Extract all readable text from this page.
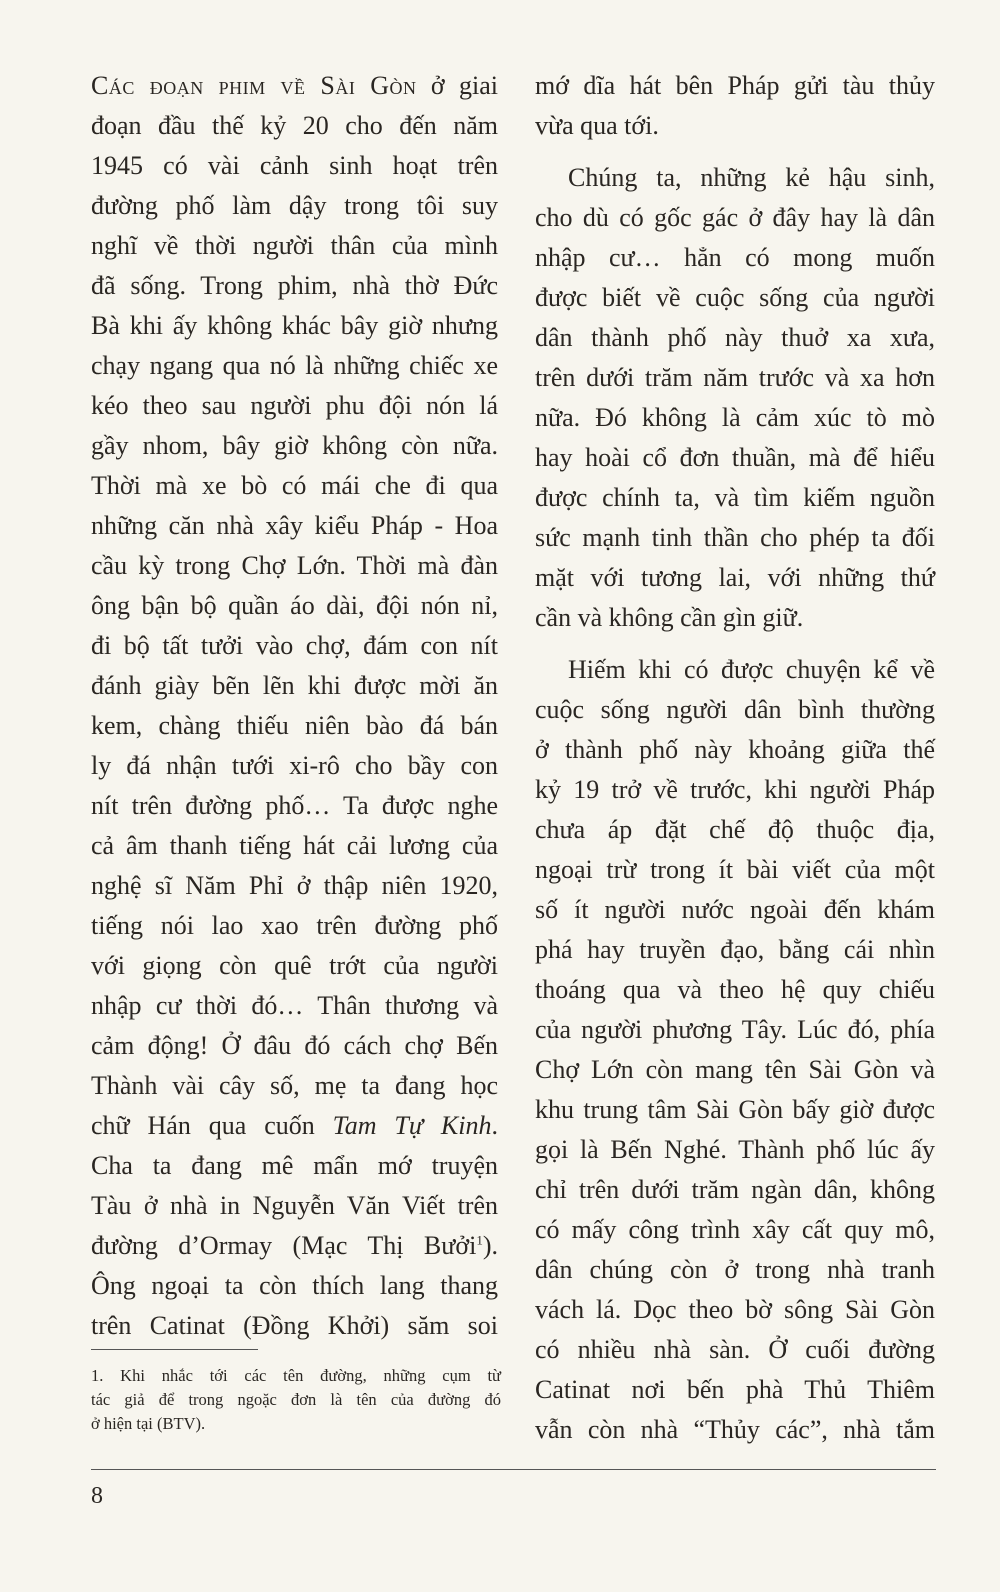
Các đoạn phim về Sài Gòn ở giai
đoạn đầu thế kỷ 20 cho đến năm
1945 có vài cảnh sinh hoạt trên
đường phố làm dậy trong tôi suy
nghĩ về thời người thân của mình
đã sống. Trong phim, nhà thờ Đức
Bà khi ấy không khác bây giờ nhưng
chạy ngang qua nó là những chiếc xe
kéo theo sau người phu đội nón lá
gầy nhom, bây giờ không còn nữa.
Thời mà xe bò có mái che đi qua
những căn nhà xây kiểu Pháp - Hoa
cầu kỳ trong Chợ Lớn. Thời mà đàn
ông bận bộ quần áo dài, đội nón nỉ,
đi bộ tất tưởi vào chợ, đám con nít
đánh giày bẽn lẽn khi được mời ăn
kem, chàng thiếu niên bào đá bán
ly đá nhận tưới xi-rô cho bầy con
nít trên đường phố… Ta được nghe
cả âm thanh tiếng hát cải lương của
nghệ sĩ Năm Phỉ ở thập niên 1920,
tiếng nói lao xao trên đường phố
với giọng còn quê trớt của người
nhập cư thời đó… Thân thương và
cảm động! Ở đâu đó cách chợ Bến
Thành vài cây số, mẹ ta đang học
chữ Hán qua cuốn Tam Tự Kinh.
Cha ta đang mê mẩn mớ truyện
Tàu ở nhà in Nguyễn Văn Viết trên
đường d’Ormay (Mạc Thị Bưởi$^1$).
Ông ngoại ta còn thích lang thang
trên Catinat (Đồng Khởi) săm soi
mớ dĩa hát bên Pháp gửi tàu thủy
vừa qua tới.
Chúng ta, những kẻ hậu sinh,
cho dù có gốc gác ở đây hay là dân
nhập cư… hẳn có mong muốn
được biết về cuộc sống của người
dân thành phố này thuở xa xưa,
trên dưới trăm năm trước và xa hơn
nữa. Đó không là cảm xúc tò mò
hay hoài cổ đơn thuần, mà để hiểu
được chính ta, và tìm kiếm nguồn
sức mạnh tinh thần cho phép ta đối
mặt với tương lai, với những thứ
cần và không cần gìn giữ.
Hiếm khi có được chuyện kể về
cuộc sống người dân bình thường
ở thành phố này khoảng giữa thế
kỷ 19 trở về trước, khi người Pháp
chưa áp đặt chế độ thuộc địa,
ngoại trừ trong ít bài viết của một
số ít người nước ngoài đến khám
phá hay truyền đạo, bằng cái nhìn
thoáng qua và theo hệ quy chiếu
của người phương Tây. Lúc đó, phía
Chợ Lớn còn mang tên Sài Gòn và
khu trung tâm Sài Gòn bấy giờ được
gọi là Bến Nghé. Thành phố lúc ấy
chỉ trên dưới trăm ngàn dân, không
có mấy công trình xây cất quy mô,
dân chúng còn ở trong nhà tranh
vách lá. Dọc theo bờ sông Sài Gòn
có nhiều nhà sàn. Ở cuối đường
Catinat nơi bến phà Thủ Thiêm
vẫn còn nhà “Thủy các”, nhà tắm
1. Khi nhắc tới các tên đường, những cụm từ
tác giả để trong ngoặc đơn là tên của đường đó
ở hiện tại (BTV).
8
